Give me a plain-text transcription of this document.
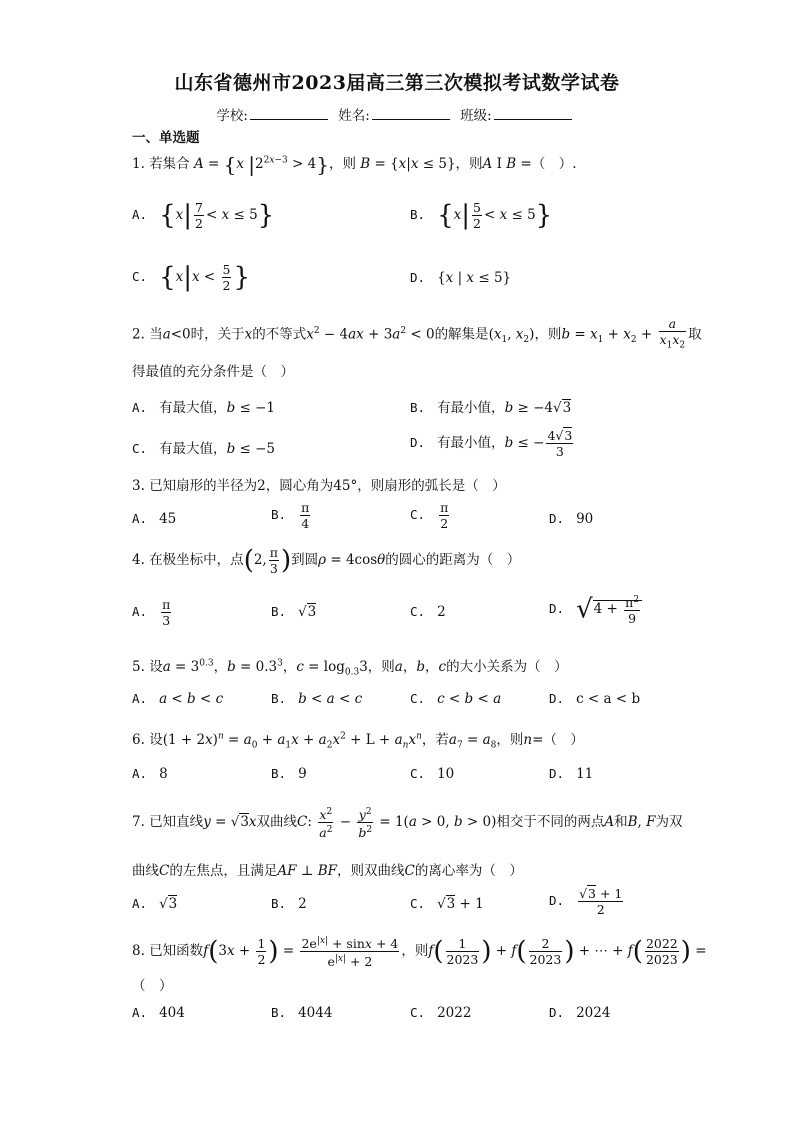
山东省德州市2023届高三第三次模拟考试数学试卷
学校:	姓名:	班级:
一、单选题
1. 若集合 A = {x $|2^{2x-3} > 4$}，则 B = {x|x ≤ 5}，则A I B =（　）.
A. $\{x| \frac{7}{2} < x \le 5\}$	B. $\{x| \frac{5}{2} < x \le 5\}$
C. {$x|x < \frac{5}{2}$ }	D. {x | x ≤ 5}
2. 当a<0时，关于x的不等式$x^2 - 4ax + 3a^2 < 0$的解集是($x_1$, $x_2$)，则$b = x_1 + x_2 + \frac{a}{x_1x_2}$ 取
得最值的充分条件是（　）
A. 有最大值，b ≤ −1	B. 有最小值，b ≥ −4√3
C. 有最大值，b ≤ −5	D. 有最小值，b ≤ − $\frac{4√3}{3}$
3. 已知扇形的半径为2，圆心角为45°，则扇形的弧长是（　）
A. 45	B. $\frac{\pi}{4}$	C. $\frac{\pi}{2}$	D. 90
4. 在极坐标中，点(2, $\frac{\pi}{3}$ )到圆ρ = 4cosθ的圆心的距离为（　）
A. $\frac{\pi}{3}$	B. √3	C. 2	D. $√4 + \frac{\pi^2}{9}$
5. 设$a = 3^{0.3}$，$b = 0.3^3$，$c = \log_{0.3}3$，则a，b，c的大小关系为（　）
A. a < b < c	B. b < a < c	C. c < b < a	D. c < a < b
6. 设$(1 + 2x)^n = a_0 + a_1x + a_2x^2 + L + a_nx^n$，若$a_7 = a_8$，则n=（　）
A. 8	B. 9	C. 10	D. 11
7. 已知直线y = √3x双曲线C: $\frac{x^2}{a^2} - \frac{y^2}{b^2} = 1(a > 0$, b > 0)相交于不同的两点A和B, F为双
曲线C的左焦点，且满足AF ⊥ BF，则双曲线C的离心率为（　）
A. √3	B. 2	C. √3 + 1	D. $\frac{√3 + 1}{2}$
8. 已知函数$f(3x + \frac{1}{2}$ ) = $\frac{2e^{|x|} + \sin x + 4}{e^{|x|} + 2}$ ，则$f( \frac{1}{2023}$ ) + $f( \frac{2}{2023}$ ) + ⋯ + $f( \frac{2022}{2023}$ ) =
（　）
A. 404	B. 4044	C. 2022	D. 2024
